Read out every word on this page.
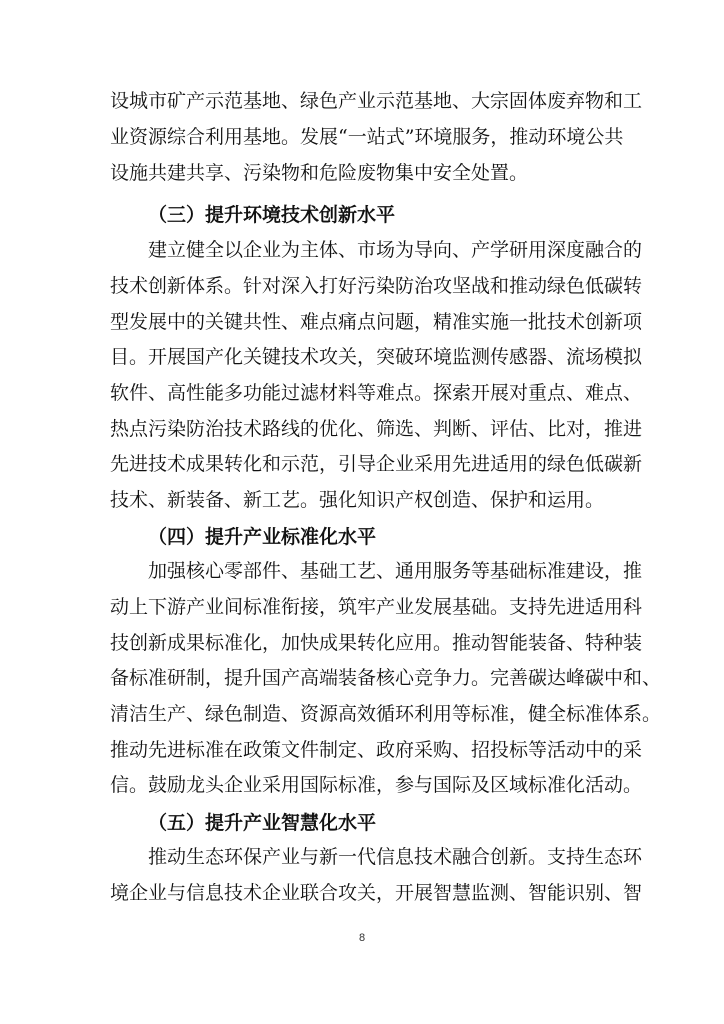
设城市矿产示范基地、绿色产业示范基地、大宗固体废弃物和工
业资源综合利用基地。发展“一站式”环境服务，推动环境公共
设施共建共享、污染物和危险废物集中安全处置。
（三）提升环境技术创新水平
建立健全以企业为主体、市场为导向、产学研用深度融合的
技术创新体系。针对深入打好污染防治攻坚战和推动绿色低碳转
型发展中的关键共性、难点痛点问题，精准实施一批技术创新项
目。开展国产化关键技术攻关，突破环境监测传感器、流场模拟
软件、高性能多功能过滤材料等难点。探索开展对重点、难点、
热点污染防治技术路线的优化、筛选、判断、评估、比对，推进
先进技术成果转化和示范，引导企业采用先进适用的绿色低碳新
技术、新装备、新工艺。强化知识产权创造、保护和运用。
（四）提升产业标准化水平
加强核心零部件、基础工艺、通用服务等基础标准建设，推
动上下游产业间标准衔接，筑牢产业发展基础。支持先进适用科
技创新成果标准化，加快成果转化应用。推动智能装备、特种装
备标准研制，提升国产高端装备核心竞争力。完善碳达峰碳中和、
清洁生产、绿色制造、资源高效循环利用等标准，健全标准体系。
推动先进标准在政策文件制定、政府采购、招投标等活动中的采
信。鼓励龙头企业采用国际标准，参与国际及区域标准化活动。
（五）提升产业智慧化水平
推动生态环保产业与新一代信息技术融合创新。支持生态环
境企业与信息技术企业联合攻关，开展智慧监测、智能识别、智
8
